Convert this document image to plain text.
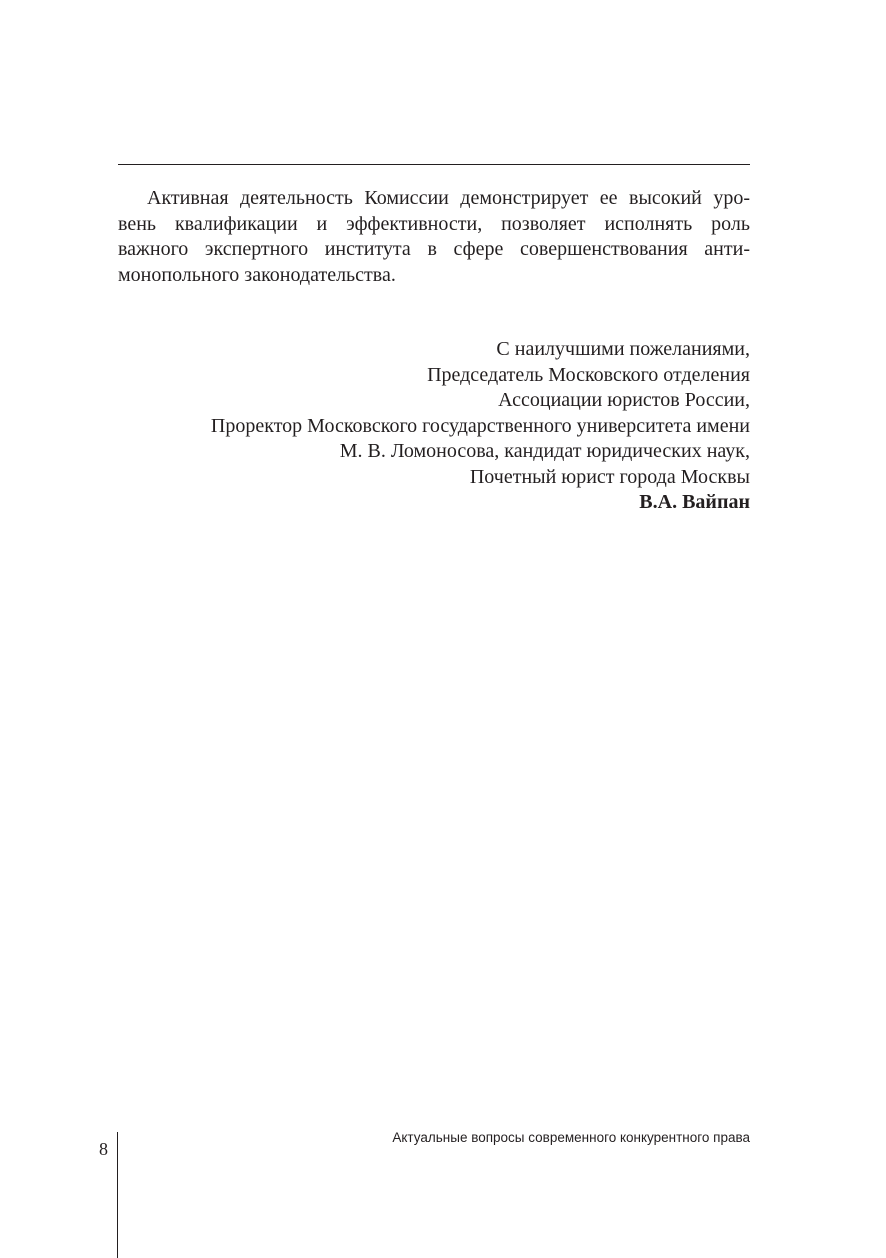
Активная деятельность Комиссии демонстрирует ее высокий уро-
вень квалификации и эффективности, позволяет исполнять роль
важного экспертного института в сфере совершенствования анти-
монопольного законодательства.

С наилучшими пожеланиями,
Председатель Московского отделения
Ассоциации юристов России,
Проректор Московского государственного университета имени
М. В. Ломоносова, кандидат юридических наук,
Почетный юрист города Москвы
В.А. Вайпан
8
Актуальные вопросы современного конкурентного права
